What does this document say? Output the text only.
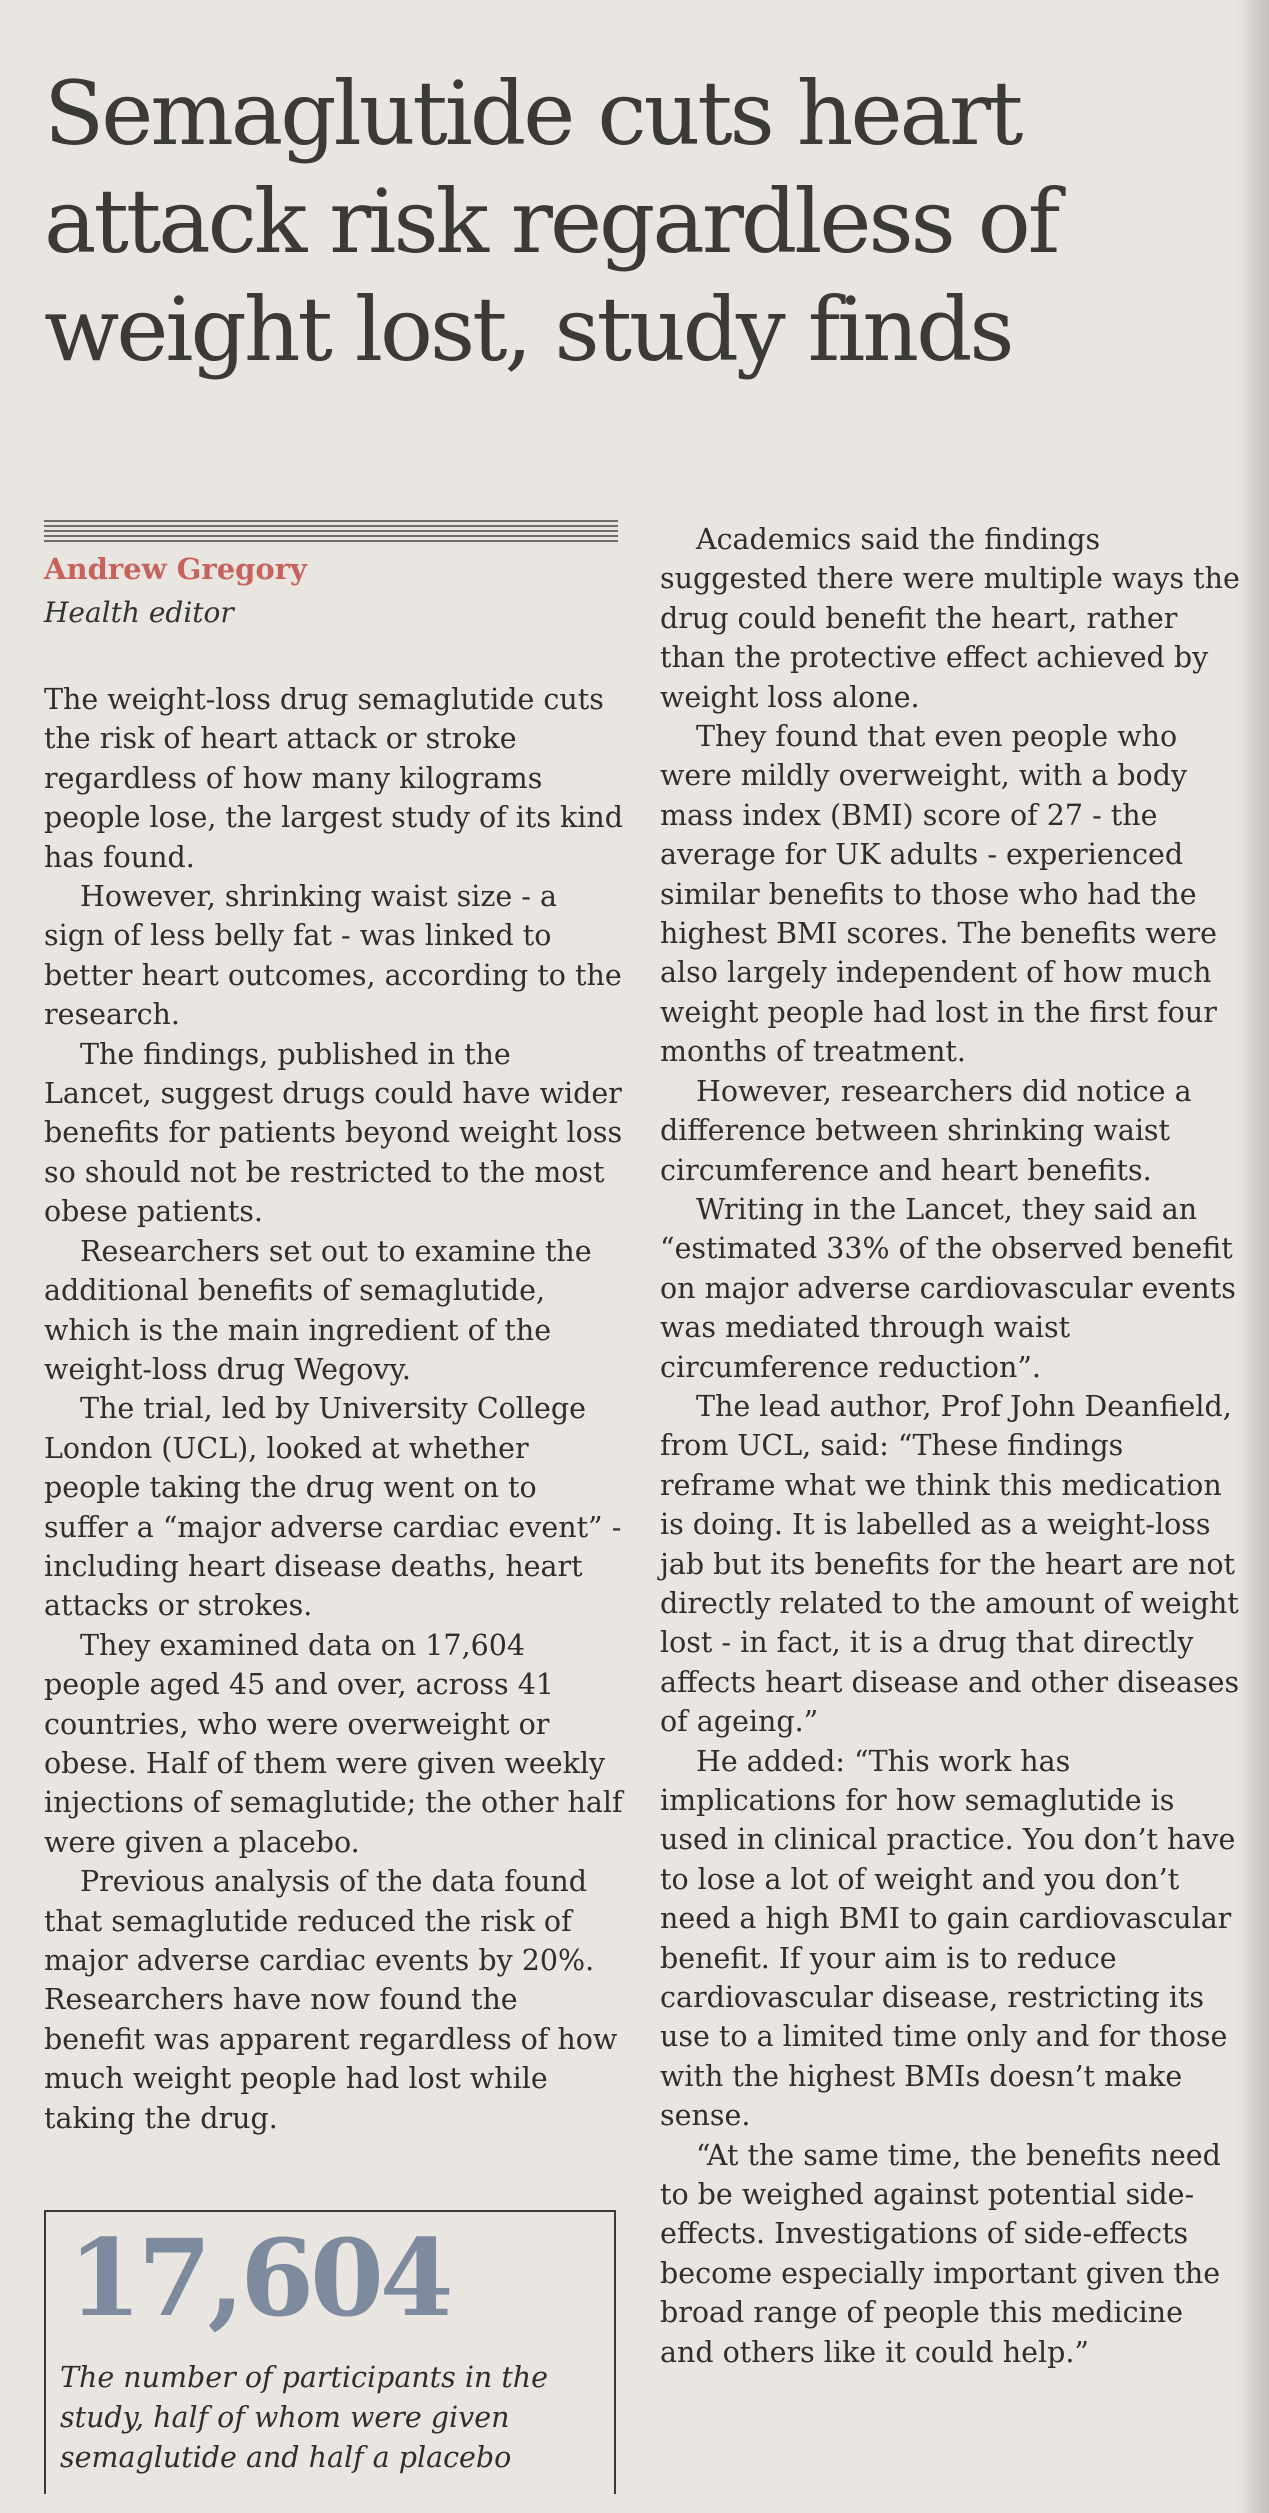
Semaglutide cuts heart attack risk regardless of weight lost, study finds
Andrew Gregory
Health editor

The weight-loss drug semaglutide cuts the risk of heart attack or stroke regardless of how many kilograms people lose, the largest study of its kind has found.

However, shrinking waist size - a sign of less belly fat - was linked to better heart outcomes, according to the research.

The findings, published in the Lancet, suggest drugs could have wider benefits for patients beyond weight loss so should not be restricted to the most obese patients.

Researchers set out to examine the additional benefits of semaglutide, which is the main ingredient of the weight-loss drug Wegovy.

The trial, led by University College London (UCL), looked at whether people taking the drug went on to suffer a “major adverse cardiac event” - including heart disease deaths, heart attacks or strokes.

They examined data on 17,604 people aged 45 and over, across 41 countries, who were overweight or obese. Half of them were given weekly injections of semaglutide; the other half were given a placebo.

Previous analysis of the data found that semaglutide reduced the risk of major adverse cardiac events by 20%. Researchers have now found the benefit was apparent regardless of how much weight people had lost while taking the drug.

Academics said the findings suggested there were multiple ways the drug could benefit the heart, rather than the protective effect achieved by weight loss alone.

They found that even people who were mildly overweight, with a body mass index (BMI) score of 27 - the average for UK adults - experienced similar benefits to those who had the highest BMI scores. The benefits were also largely independent of how much weight people had lost in the first four months of treatment.

However, researchers did notice a difference between shrinking waist circumference and heart benefits.

Writing in the Lancet, they said an “estimated 33% of the observed benefit on major adverse cardiovascular events was mediated through waist circumference reduction”.

The lead author, Prof John Deanfield, from UCL, said: “These findings reframe what we think this medication is doing. It is labelled as a weight-loss jab but its benefits for the heart are not directly related to the amount of weight lost - in fact, it is a drug that directly affects heart disease and other diseases of ageing.”

He added: “This work has implications for how semaglutide is used in clinical practice. You don’t have to lose a lot of weight and you don’t need a high BMI to gain cardiovascular benefit. If your aim is to reduce cardiovascular disease, restricting its use to a limited time only and for those with the highest BMIs doesn’t make sense.

“At the same time, the benefits need to be weighed against potential side-effects. Investigations of side-effects become especially important given the broad range of people this medicine and others like it could help.”

17,604
The number of participants in the study, half of whom were given semaglutide and half a placebo
